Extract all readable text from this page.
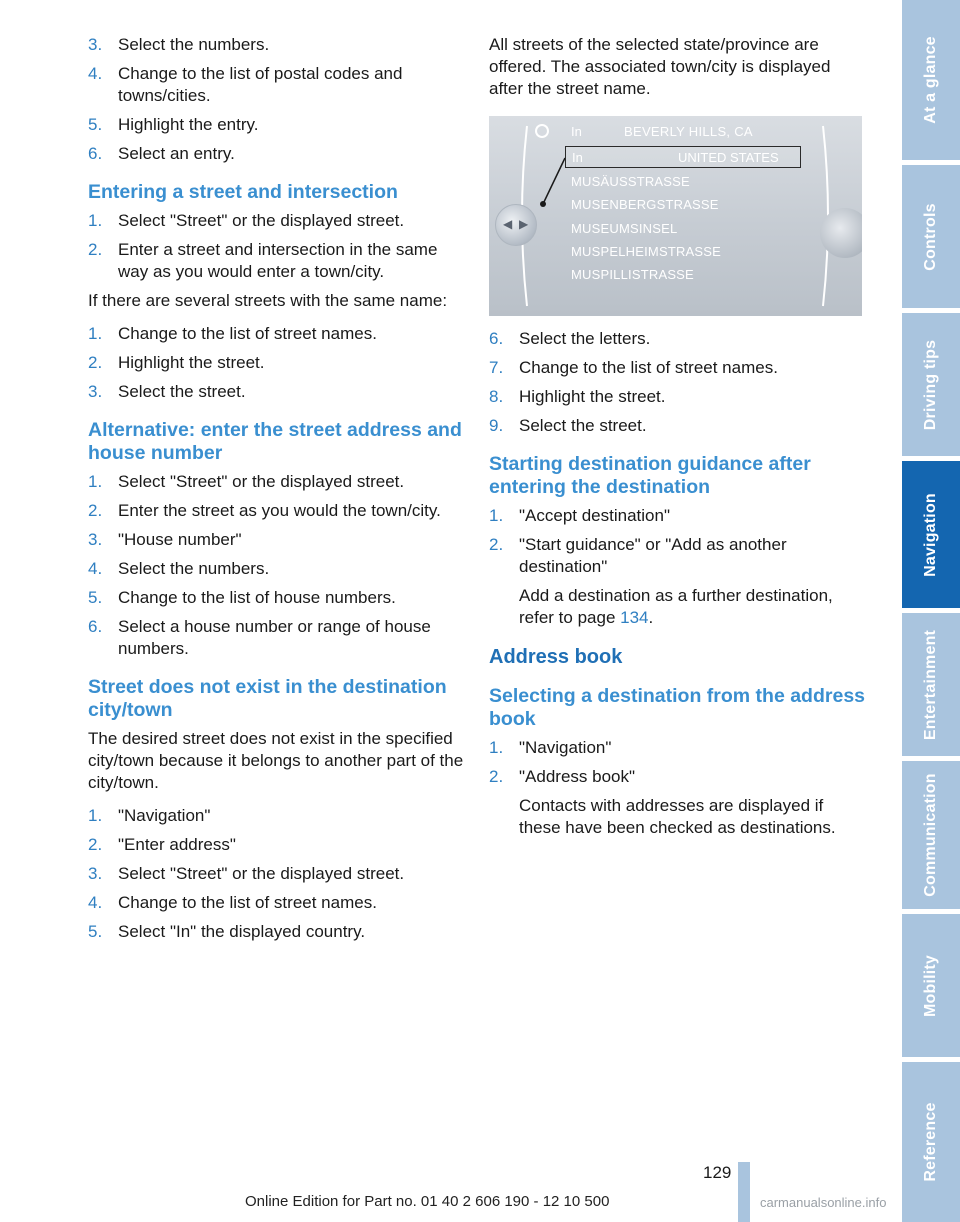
3. Select the numbers.
4. Change to the list of postal codes and towns/cities.
5. Highlight the entry.
6. Select an entry.
Entering a street and intersection
1. Select "Street" or the displayed street.
2. Enter a street and intersection in the same way as you would enter a town/city.

If there are several streets with the same name:

1. Change to the list of street names.
2. Highlight the street.
3. Select the street.
Alternative: enter the street address and house number
1. Select "Street" or the displayed street.
2. Enter the street as you would the town/city.
3. "House number"
4. Select the numbers.
5. Change to the list of house numbers.
6. Select a house number or range of house numbers.
Street does not exist in the destination city/town

The desired street does not exist in the specified city/town because it belongs to another part of the city/town.

1. "Navigation"
2. "Enter address"
3. Select "Street" or the displayed street.
4. Change to the list of street names.
5. Select "In" the displayed country.

All streets of the selected state/province are offered. The associated town/city is displayed after the street name.

In	BEVERLY HILLS, CA
In	UNITED STATES
MUSÄUSSTRASSE
MUSENBERGSTRASSE
MUSEUMSINSEL
MUSPELHEIMSTRASSE
MUSPILLISTRASSE
◀ ▶
6. Select the letters.
7. Change to the list of street names.
8. Highlight the street.
9. Select the street.
Starting destination guidance after entering the destination
1. "Accept destination"
2. "Start guidance" or "Add as another destination"

Add a destination as a further destination, refer to page 134.

Address book
Selecting a destination from the address book
1. "Navigation"
2. "Address book"

Contacts with addresses are displayed if these have been checked as destinations.

At a glance
Controls
Driving tips
Navigation
Entertainment
Communication
Mobility
Reference
129
Online Edition for Part no. 01 40 2 606 190 - 12 10 500	carmanualsonline.info
